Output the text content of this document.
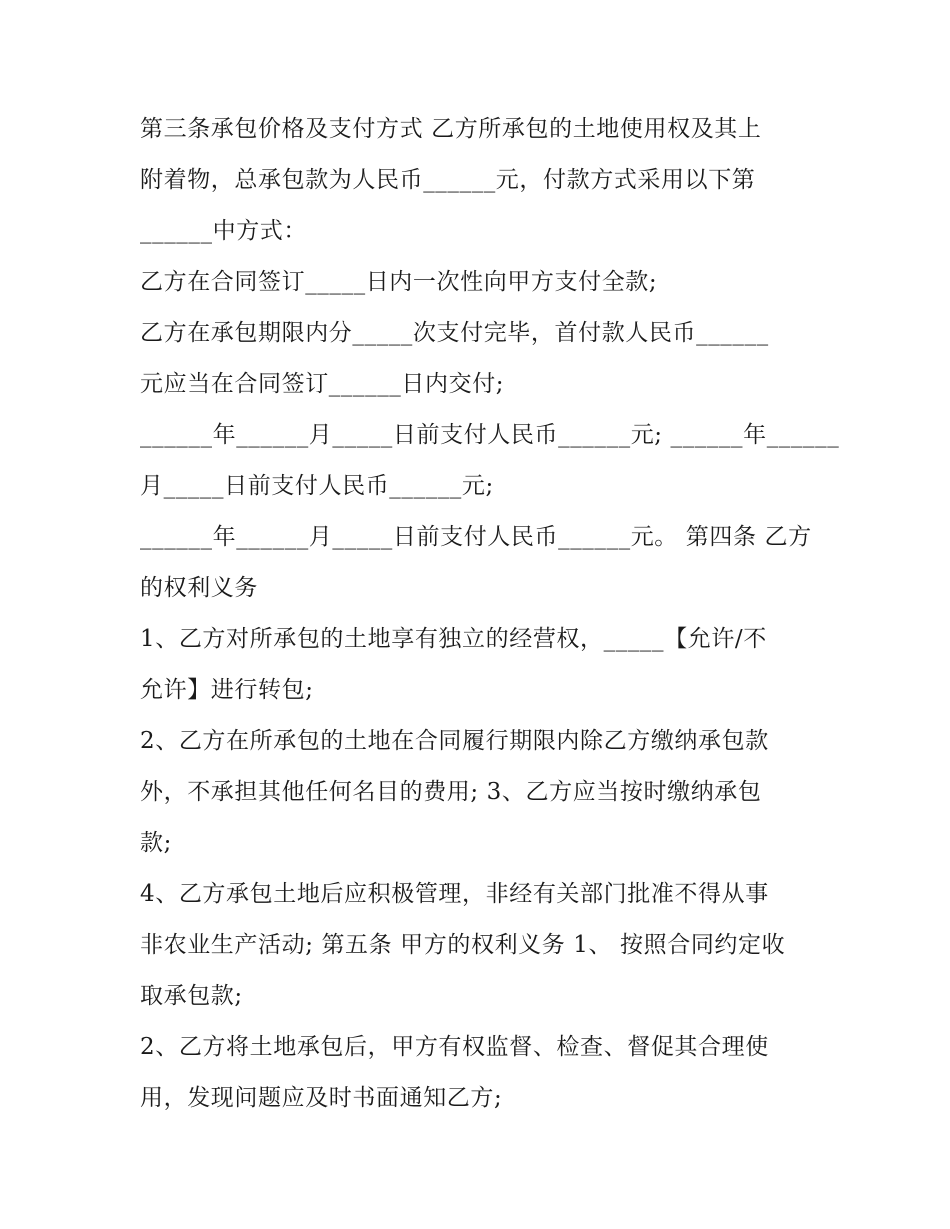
第三条承包价格及支付方式 乙方所承包的土地使用权及其上
附着物，总承包款为人民币______元，付款方式采用以下第
______中方式：

乙方在合同签订_____日内一次性向甲方支付全款;

乙方在承包期限内分_____次支付完毕，首付款人民币______
元应当在合同签订______日内交付;

______年______月_____日前支付人民币______元; ______年______
月_____日前支付人民币______元;

______年______月_____日前支付人民币______元。 第四条 乙方
的权利义务

1、乙方对所承包的土地享有独立的经营权，_____【允许/不
允许】进行转包;

2、乙方在所承包的土地在合同履行期限内除乙方缴纳承包款
外，不承担其他任何名目的费用; 3、乙方应当按时缴纳承包
款;

4、乙方承包土地后应积极管理，非经有关部门批准不得从事
非农业生产活动; 第五条 甲方的权利义务 1、 按照合同约定收
取承包款;

2、乙方将土地承包后，甲方有权监督、检查、督促其合理使
用，发现问题应及时书面通知乙方;
